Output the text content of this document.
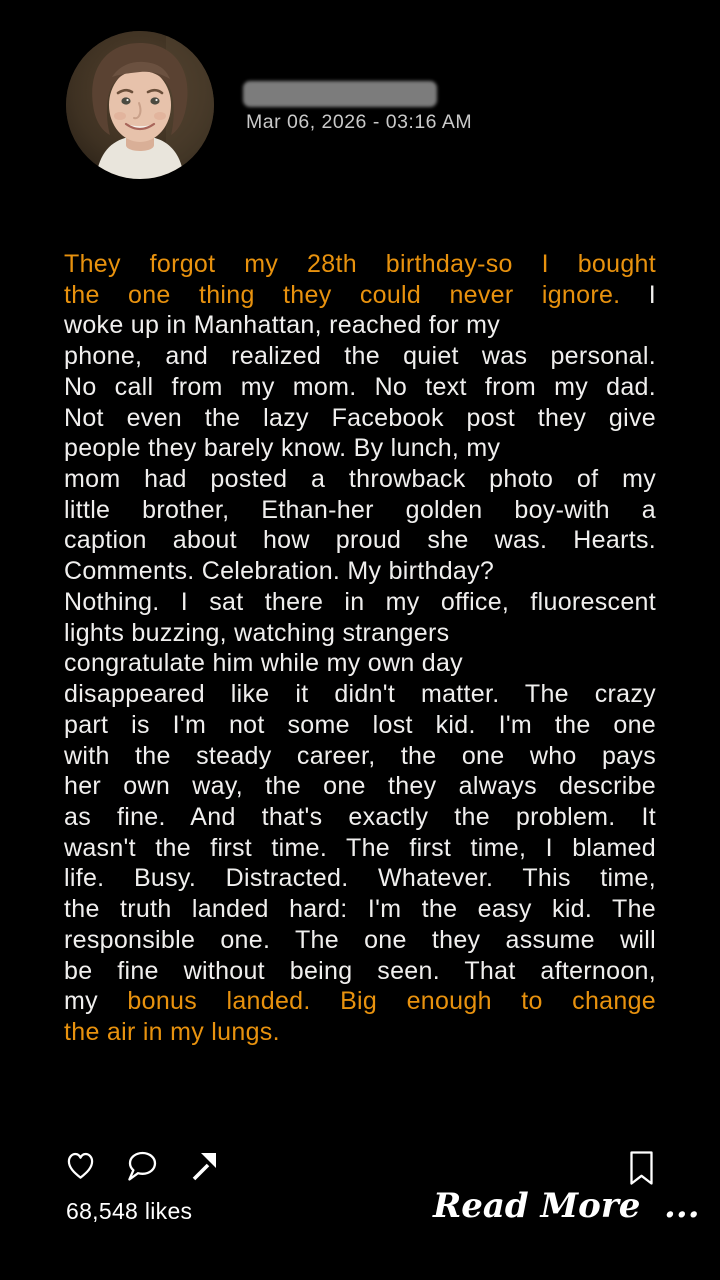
Mar 06, 2026 - 03:16 AM
They forgot my 28th birthday-so I bought
the one thing they could never ignore. I
woke up in Manhattan, reached for my
phone, and realized the quiet was personal.
No call from my mom. No text from my dad.
Not even the lazy Facebook post they give
people they barely know. By lunch, my
mom had posted a throwback photo of my
little brother, Ethan-her golden boy-with a
caption about how proud she was. Hearts.
Comments. Celebration. My birthday?
Nothing. I sat there in my office, fluorescent
lights buzzing, watching strangers
congratulate him while my own day
disappeared like it didn't matter. The crazy
part is I'm not some lost kid. I'm the one
with the steady career, the one who pays
her own way, the one they always describe
as fine. And that's exactly the problem. It
wasn't the first time. The first time, I blamed
life. Busy. Distracted. Whatever. This time,
the truth landed hard: I'm the easy kid. The
responsible one. The one they assume will
be fine without being seen. That afternoon,
my bonus landed. Big enough to change
the air in my lungs.
68,548 likes	Read More  ...
